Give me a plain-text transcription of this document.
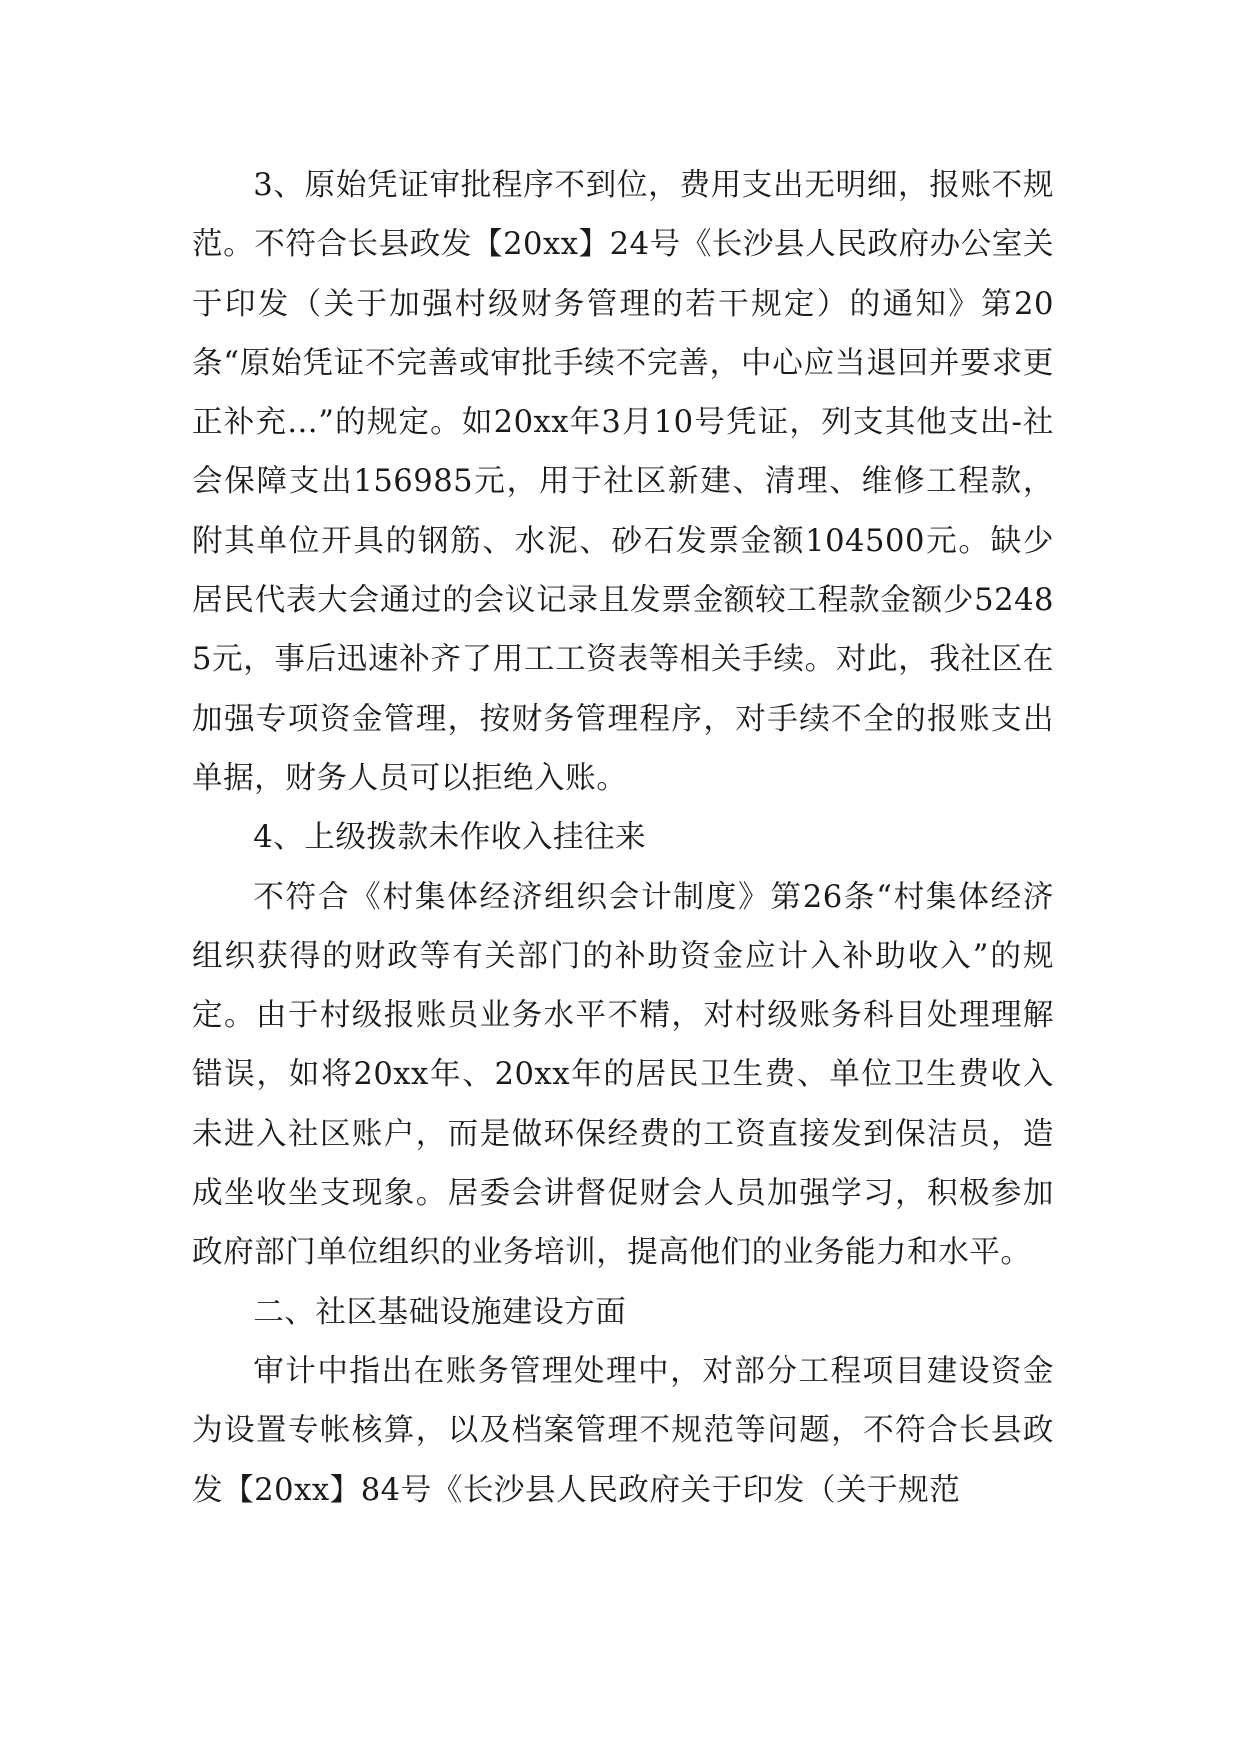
3、原始凭证审批程序不到位，费用支出无明细，报账不规范。不符合长县政发【20xx】24号《长沙县人民政府办公室关于印发（关于加强村级财务管理的若干规定）的通知》第20条“原始凭证不完善或审批手续不完善，中心应当退回并要求更正补充…”的规定。如20xx年3月10号凭证，列支其他支出-社会保障支出156985元，用于社区新建、清理、维修工程款，附其单位开具的钢筋、水泥、砂石发票金额104500元。缺少居民代表大会通过的会议记录且发票金额较工程款金额少52485元，事后迅速补齐了用工工资表等相关手续。对此，我社区在加强专项资金管理，按财务管理程序，对手续不全的报账支出单据，财务人员可以拒绝入账。

4、上级拨款未作收入挂往来

不符合《村集体经济组织会计制度》第26条“村集体经济组织获得的财政等有关部门的补助资金应计入补助收入”的规定。由于村级报账员业务水平不精，对村级账务科目处理理解错误，如将20xx年、20xx年的居民卫生费、单位卫生费收入未进入社区账户，而是做环保经费的工资直接发到保洁员，造成坐收坐支现象。居委会讲督促财会人员加强学习，积极参加政府部门单位组织的业务培训，提高他们的业务能力和水平。

二、社区基础设施建设方面

审计中指出在账务管理处理中，对部分工程项目建设资金为设置专帐核算，以及档案管理不规范等问题，不符合长县政发【20xx】84号《长沙县人民政府关于印发（关于规范
